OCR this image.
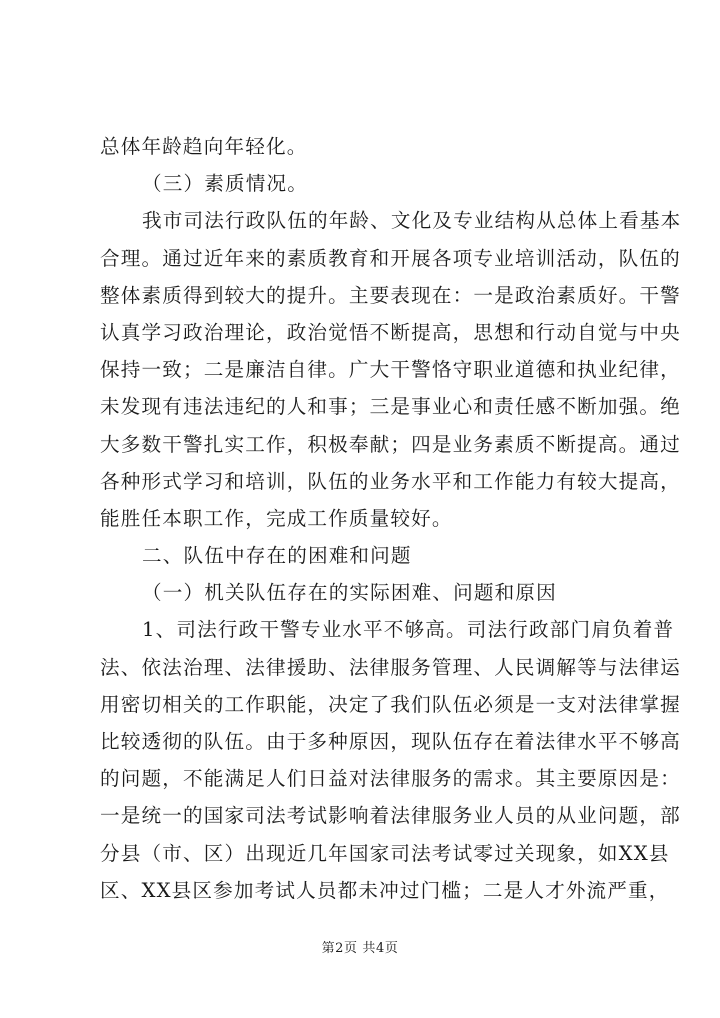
总体年龄趋向年轻化。
（三）素质情况。
我市司法行政队伍的年龄、文化及专业结构从总体上看基本
合理。通过近年来的素质教育和开展各项专业培训活动，队伍的
整体素质得到较大的提升。主要表现在：一是政治素质好。干警
认真学习政治理论，政治觉悟不断提高，思想和行动自觉与中央
保持一致；二是廉洁自律。广大干警恪守职业道德和执业纪律，
未发现有违法违纪的人和事；三是事业心和责任感不断加强。绝
大多数干警扎实工作，积极奉献；四是业务素质不断提高。通过
各种形式学习和培训，队伍的业务水平和工作能力有较大提高，
能胜任本职工作，完成工作质量较好。
二、队伍中存在的困难和问题
（一）机关队伍存在的实际困难、问题和原因
1、司法行政干警专业水平不够高。司法行政部门肩负着普
法、依法治理、法律援助、法律服务管理、人民调解等与法律运
用密切相关的工作职能，决定了我们队伍必须是一支对法律掌握
比较透彻的队伍。由于多种原因，现队伍存在着法律水平不够高
的问题，不能满足人们日益对法律服务的需求。其主要原因是：
一是统一的国家司法考试影响着法律服务业人员的从业问题，部
分县（市、区）出现近几年国家司法考试零过关现象，如XX县
区、XX县区参加考试人员都未冲过门槛；二是人才外流严重，
第2页 共4页
